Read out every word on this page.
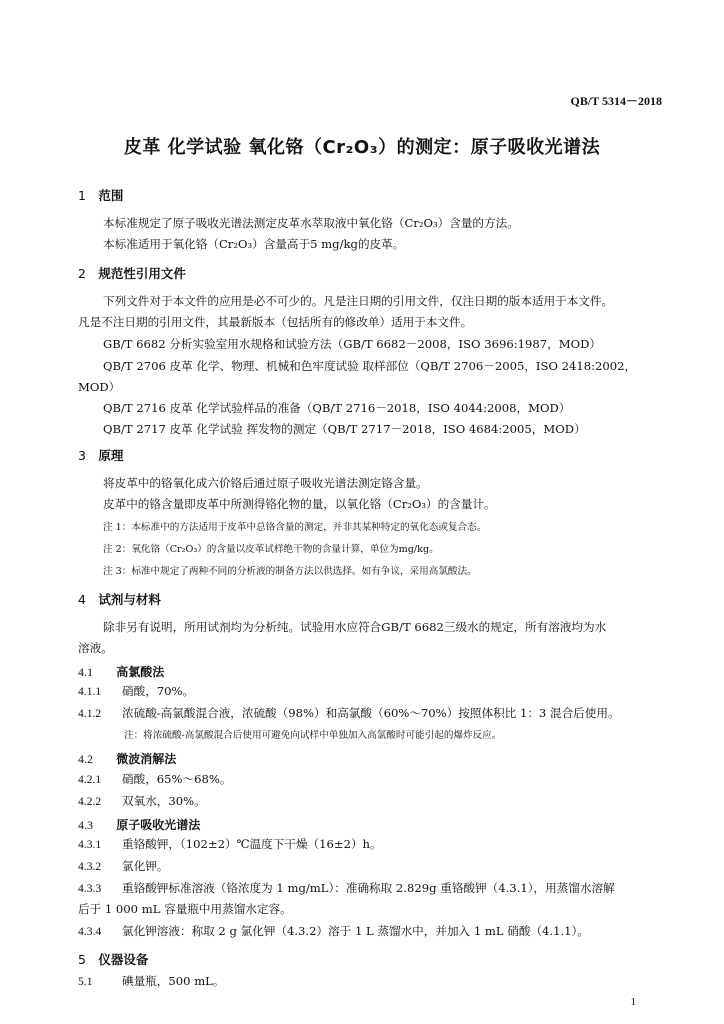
QB/T 5314－2018
皮革 化学试验 氧化铬（Cr₂O₃）的测定：原子吸收光谱法
1 范围
本标准规定了原子吸收光谱法测定皮革水萃取液中氧化铬（Cr₂O₃）含量的方法。
本标准适用于氧化铬（Cr₂O₃）含量高于5 mg/kg的皮革。
2 规范性引用文件
下列文件对于本文件的应用是必不可少的。凡是注日期的引用文件，仅注日期的版本适用于本文件。
凡是不注日期的引用文件，其最新版本（包括所有的修改单）适用于本文件。
GB/T 6682 分析实验室用水规格和试验方法（GB/T 6682－2008，ISO 3696:1987，MOD）
QB/T 2706 皮革 化学、物理、机械和色牢度试验 取样部位（QB/T 2706－2005，ISO 2418:2002，
MOD）
QB/T 2716 皮革 化学试验样品的准备（QB/T 2716－2018，ISO 4044:2008，MOD）
QB/T 2717 皮革 化学试验 挥发物的测定（QB/T 2717－2018，ISO 4684:2005，MOD）
3 原理
将皮革中的铬氧化成六价铬后通过原子吸收光谱法测定铬含量。
皮革中的铬含量即皮革中所测得铬化物的量，以氧化铬（Cr₂O₃）的含量计。
注 1：本标准中的方法适用于皮革中总铬含量的测定，并非其某种特定的氧化态或复合态。
注 2：氧化铬（Cr₂O₃）的含量以皮革试样绝干物的含量计算，单位为mg/kg。
注 3：标准中规定了两种不同的分析液的制备方法以供选择。如有争议，采用高氯酸法。
4 试剂与材料
除非另有说明，所用试剂均为分析纯。试验用水应符合GB/T 6682三级水的规定，所有溶液均为水
溶液。
4.1 高氯酸法
4.1.1 硝酸，70%。
4.1.2 浓硫酸-高氯酸混合液，浓硫酸（98%）和高氯酸（60%～70%）按照体积比 1：3 混合后使用。
注：将浓硫酸-高氯酸混合后使用可避免向试样中单独加入高氯酸时可能引起的爆炸反应。
4.2 微波消解法
4.2.1 硝酸，65%～68%。
4.2.2 双氧水，30%。
4.3 原子吸收光谱法
4.3.1 重铬酸钾，（102±2）℃温度下干燥（16±2）h。
4.3.2 氯化钾。
4.3.3 重铬酸钾标准溶液（铬浓度为 1 mg/mL）：准确称取 2.829g 重铬酸钾（4.3.1），用蒸馏水溶解
后于 1 000 mL 容量瓶中用蒸馏水定容。
4.3.4 氯化钾溶液：称取 2 g 氯化钾（4.3.2）溶于 1 L 蒸馏水中，并加入 1 mL 硝酸（4.1.1）。
5 仪器设备
5.1	碘量瓶，500 mL。
1
